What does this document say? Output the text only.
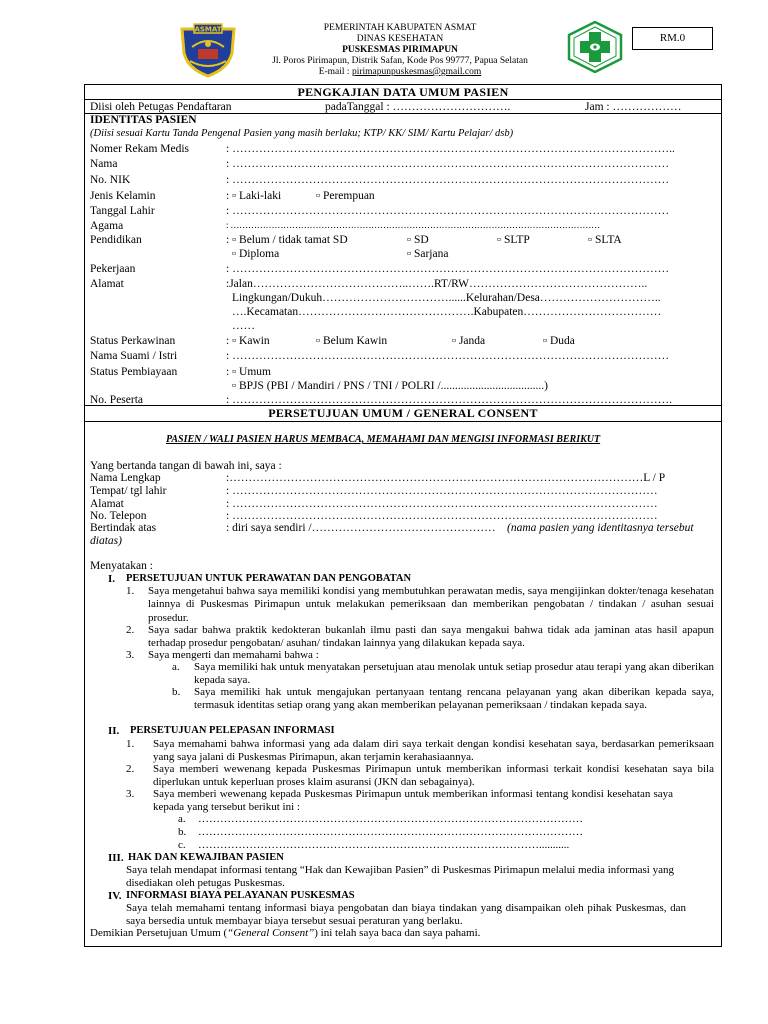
ASMAT	PEMERINTAH KABUPATEN ASMAT
DINAS KESEHATAN
PUSKESMAS PIRIMAPUN
Jl. Poros Pirimapun, Distrik Safan, Kode Pos 99777, Papua Selatan
E-mail : pirimapunpuskesmas@gmail.com
RM.0
PENGKAJIAN DATA UMUM PASIEN
Diisi oleh Petugas Pendaftaran	padaTanggal : ………………………….	Jam : ………………
IDENTITAS PASIEN
(Diisi sesuai Kartu Tanda Pengenal Pasien yang masih berlaku; KTP/ KK/ SIM/ Kartu Pelajar/ dsb)
Nomer Rekam Medis	: ……………………………………………………………………………………………………..
Nama	: ……………………………………………………………………………………………………
No. NIK	: ……………………………………………………………………………………………………
Jenis Kelamin	: ▫ Laki-laki	▫ Perempuan
Tanggal Lahir	: ……………………………………………………………………………………………………
Agama	: ………………………………………………………………………………………………………………
Pendidikan	: ▫ Belum / tidak tamat SD	▫ SD	▫ SLTP	▫ SLTA
▫ Diploma	▫ Sarjana
Pekerjaan	: ……………………………………………………………………………………………………
Alamat	:Jalan…………………………………..…….RT/RW………………………………………..
Lingkungan/Dukuh……………………………......Kelurahan/Desa…………………………..
….Kecamatan……………………………………….Kabupaten………………………………
……
Status Perkawinan	: ▫ Kawin	▫ Belum Kawin	▫ Janda	▫ Duda
Nama Suami / Istri	: ……………………………………………………………………………………………………
Status Pembiayaan	: ▫ Umum
▫ BPJS (PBI / Mandiri / PNS / TNI / POLRI /....................................)
No. Peserta	: …………………………………………………………………………………………………….
PERSETUJUAN UMUM / GENERAL CONSENT
PASIEN / WALI PASIEN HARUS MEMBACA, MEMAHAMI DAN MENGISI INFORMASI BERIKUT
Yang bertanda tangan di bawah ini, saya :
Nama Lengkap	:………………………………………………………………………………………………L / P
Tempat/ tgl lahir	: …………………………………………………………………………………………………
Alamat	: …………………………………………………………………………………………………
No. Telepon	: …………………………………………………………………………………………………
Bertindak atas	: diri saya sendiri /………………………………………… (nama pasien yang identitasnya tersebut
diatas)
Menyatakan :
I. PERSETUJUAN UNTUK PERAWATAN DAN PENGOBATAN
1. Saya mengetahui bahwa saya memiliki kondisi yang membutuhkan perawatan medis, saya mengijinkan dokter/tenaga kesehatan lainnya di Puskesmas Pirimapun untuk melakukan pemeriksaan dan memberikan pengobatan / tindakan / asuhan sesuai prosedur.
2. Saya sadar bahwa praktik kedokteran bukanlah ilmu pasti dan saya mengakui bahwa tidak ada jaminan atas hasil apapun terhadap prosedur pengobatan/ asuhan/ tindakan lainnya yang dilakukan kepada saya.
3. Saya mengerti dan memahami bahwa :
a. Saya memiliki hak untuk menyatakan persetujuan atau menolak untuk setiap prosedur atau terapi yang akan diberikan kepada saya.
b. Saya memiliki hak untuk mengajukan pertanyaan tentang rencana pelayanan yang akan diberikan kepada saya, termasuk identitas setiap orang yang akan memberikan pelayanan pemeriksaan / tindakan kepada saya.
II. PERSETUJUAN PELEPASAN INFORMASI
1. Saya memahami bahwa informasi yang ada dalam diri saya terkait dengan kondisi kesehatan saya, berdasarkan pemeriksaan yang saya jalani di Puskesmas Pirimapun, akan terjamin kerahasiaannya.
2. Saya memberi wewenang kepada Puskesmas Pirimapun untuk memberikan informasi terkait kondisi kesehatan saya bila diperlukan untuk keperluan proses klaim asuransi (JKN dan sebagainya).
3. Saya memberi wewenang kepada Puskesmas Pirimapun untuk memberikan informasi tentang kondisi kesehatan saya kepada yang tersebut berikut ini :
a. ……………………………………………………………………………………………
b. ……………………………………………………………………………………………
c. …………………………………………………………………………………...........
III. HAK DAN KEWAJIBAN PASIEN
Saya telah mendapat informasi tentang “Hak dan Kewajiban Pasien” di Puskesmas Pirimapun melalui media informasi yang disediakan oleh petugas Puskesmas.
IV. INFORMASI BIAYA PELAYANAN PUSKESMAS
Saya telah memahami tentang informasi biaya pengobatan dan biaya tindakan yang disampaikan oleh pihak Puskesmas, dan saya bersedia untuk membayar biaya tersebut sesuai peraturan yang berlaku.
Demikian Persetujuan Umum (“General Consent”) ini telah saya baca dan saya pahami.
